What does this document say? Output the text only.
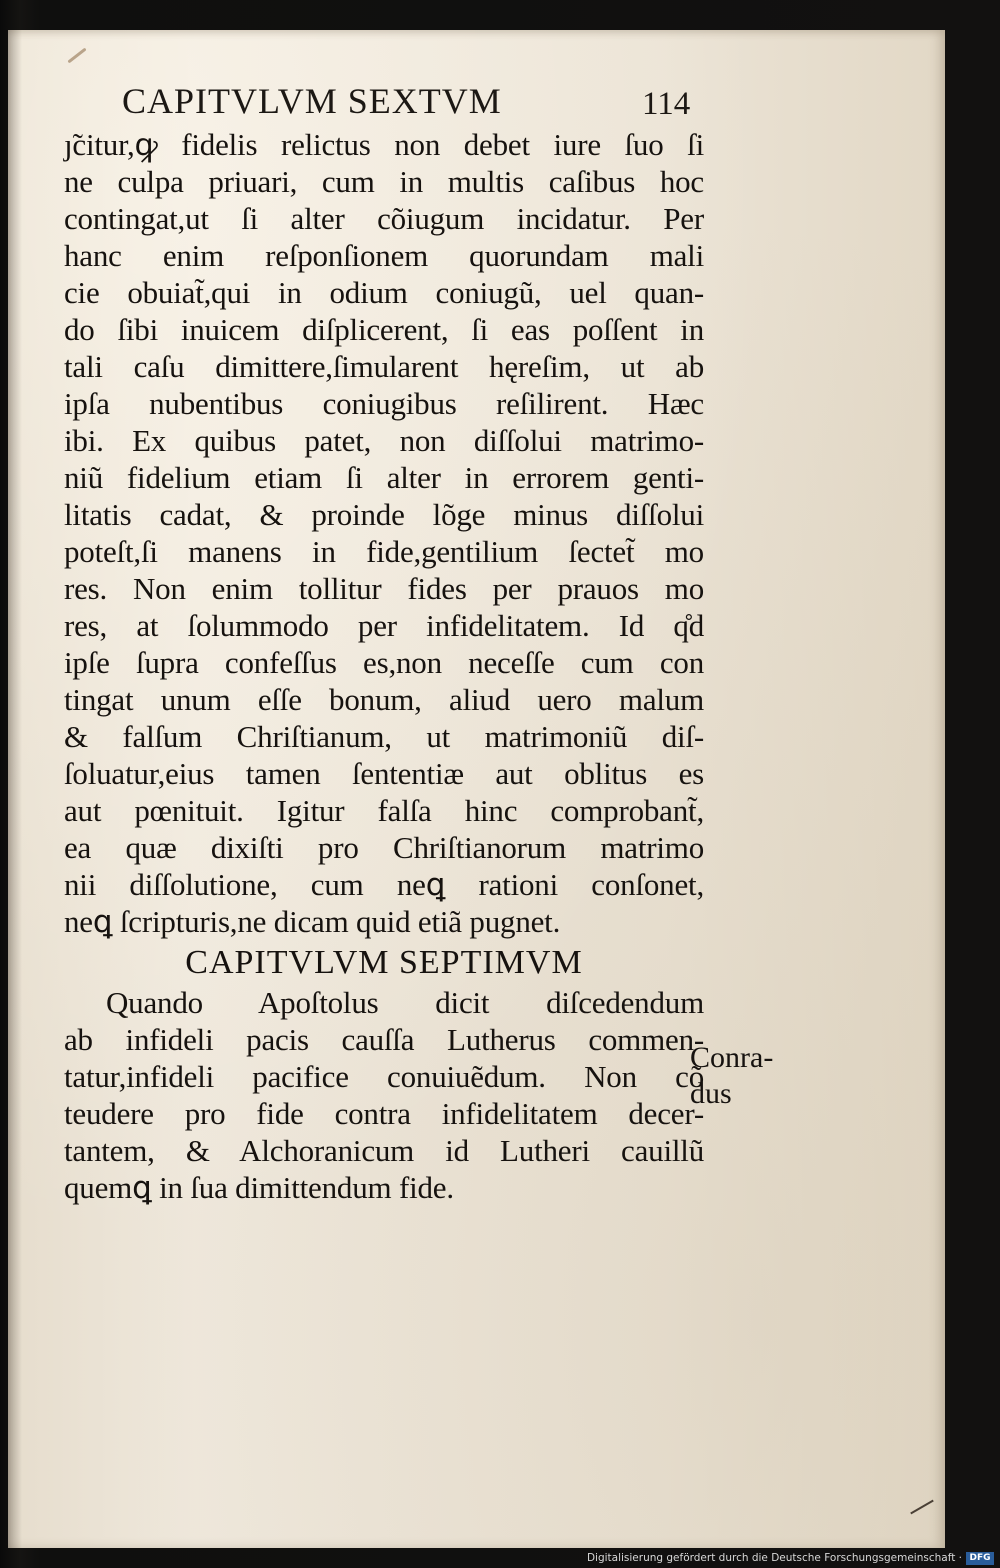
CAPITVLVM SEXTVM	114
ȷ̃citur,ꝙ fidelis relictus non debet iure ſuo ſi
ne culpa priuari, cum in multis caſibus hoc
contingat,ut ſi alter cõiugum incidatur. Per
hanc enim reſponſionem quorundam mali
cie obuiat̃,qui in odium coniugũ, uel quan-
do ſibi inuicem diſplicerent, ſi eas poſſent in
tali caſu dimittere,ſimularent hęreſim, ut ab
ipſa nubentibus coniugibus reſilirent. Hæc
ibi. Ex quibus patet, non diſſolui matrimo-
niũ fidelium etiam ſi alter in errorem genti-
litatis cadat, & proinde lõge minus diſſolui
poteſt,ſi manens in fide,gentilium ſectet̃ mo
res. Non enim tollitur fides per prauos mo
res, at ſolummodo per infidelitatem. Id q̊d
ipſe ſupra confeſſus es,non neceſſe cum con
tingat unum eſſe bonum, aliud uero malum
& falſum Chriſtianum, ut matrimoniũ diſ-
ſoluatur,eius tamen ſententiæ aut oblitus es
aut pœnituit. Igitur falſa hinc comprobant̃,
ea quæ dixiſti pro Chriſtianorum matrimo
nii diſſolutione, cum neꝗ rationi conſonet,
neꝗ ſcripturis,ne dicam quid etiã pugnet.
CAPITVLVM SEPTIMVM
Quando Apoſtolus dicit diſcedendum
ab infideli pacis cauſſa Lutherus commen-
tatur,infideli pacifice conuiuẽdum. Non cõ
teudere pro fide contra infidelitatem decer-
tantem, & Alchoranicum id Lutheri cauillũ
quemꝗ in ſua dimittendum fide.
Conra-
dus
Digitalisierung gefördert durch die Deutsche Forschungsgemeinschaft · DFG
